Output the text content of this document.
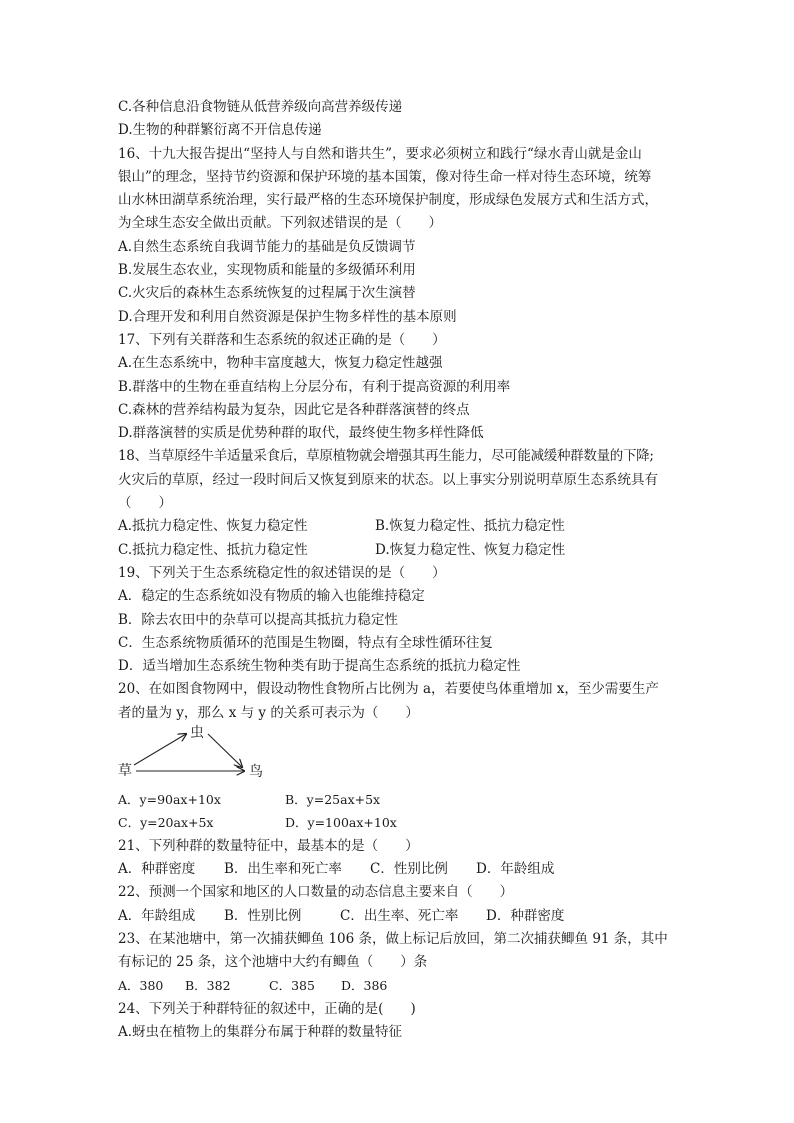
C.各种信息沿食物链从低营养级向高营养级传递
D.生物的种群繁衍离不开信息传递
16、十九大报告提出“坚持人与自然和谐共生”，要求必须树立和践行“绿水青山就是金山
银山”的理念，坚持节约资源和保护环境的基本国策，像对待生命一样对待生态环境，统筹
山水林田湖草系统治理，实行最严格的生态环境保护制度，形成绿色发展方式和生活方式，
为全球生态安全做出贡献。下列叙述错误的是（　　）
A.自然生态系统自我调节能力的基础是负反馈调节
B.发展生态农业，实现物质和能量的多级循环利用
C.火灾后的森林生态系统恢复的过程属于次生演替
D.合理开发和利用自然资源是保护生物多样性的基本原则
17、下列有关群落和生态系统的叙述正确的是（　　）
A.在生态系统中，物种丰富度越大，恢复力稳定性越强
B.群落中的生物在垂直结构上分层分布，有利于提高资源的利用率
C.森林的营养结构最为复杂，因此它是各种群落演替的终点
D.群落演替的实质是优势种群的取代，最终使生物多样性降低
18、当草原经牛羊适量采食后，草原植物就会增强其再生能力，尽可能减缓种群数量的下降;
火灾后的草原，经过一段时间后又恢复到原来的状态。以上事实分别说明草原生态系统具有
（　　）
A.抵抗力稳定性、恢复力稳定性	B.恢复力稳定性、抵抗力稳定性
C.抵抗力稳定性、抵抗力稳定性	D.恢复力稳定性、恢复力稳定性
19、下列关于生态系统稳定性的叙述错误的是（　　）
A．稳定的生态系统如没有物质的输入也能维持稳定
B．除去农田中的杂草可以提高其抵抗力稳定性
C．生态系统物质循环的范围是生物圈，特点有全球性循环往复
D．适当增加生态系统生物种类有助于提高生态系统的抵抗力稳定性
20、在如图食物网中，假设动物性食物所占比例为 a，若要使鸟体重增加 x，至少需要生产
者的量为 y，那么 x 与 y 的关系可表示为（　　）
草
虫
鸟
A．y=90ax+10x	B．y=25ax+5x
C．y=20ax+5x	D．y=100ax+10x
21、下列种群的数量特征中，最基本的是（　　）
A．种群密度	B．出生率和死亡率	C．性别比例	D．年龄组成
22、预测一个国家和地区的人口数量的动态信息主要来自（　　）
A．年龄组成	B．性别比例	C．出生率、死亡率	D．种群密度
23、在某池塘中，第一次捕获鲫鱼 106 条，做上标记后放回，第二次捕获鲫鱼 91 条，其中
有标记的 25 条，这个池塘中大约有鲫鱼（　　）条
A．380	B．382	C．385	D．386
24、下列关于种群特征的叙述中，正确的是(　　)
A.蚜虫在植物上的集群分布属于种群的数量特征
